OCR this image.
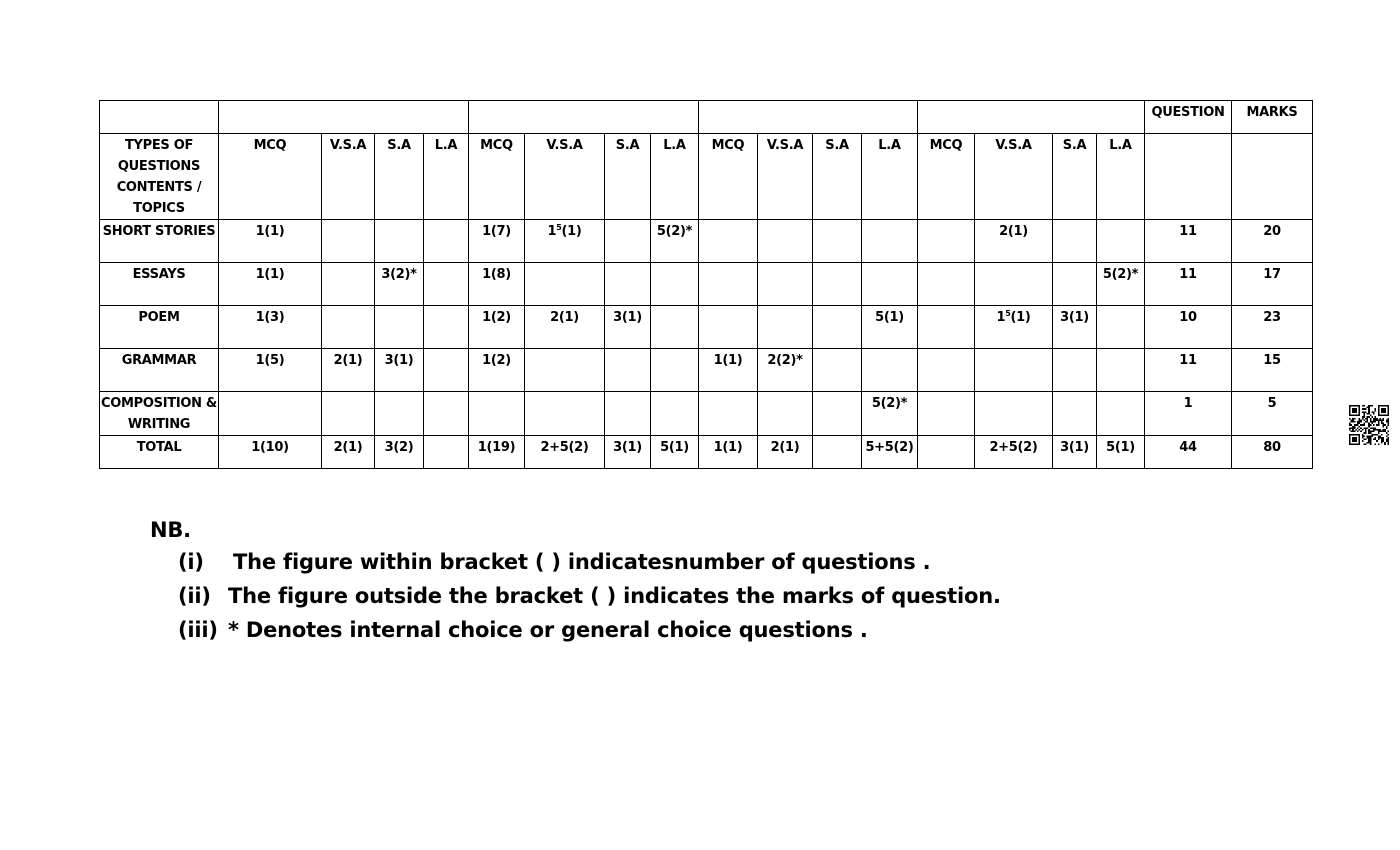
																	QUESTION	MARKS
TYPES OF QUESTIONS CONTENTS / TOPICS	MCQ	V.S.A	S.A	L.A	MCQ	V.S.A	S.A	L.A	MCQ	V.S.A	S.A	L.A	MCQ	V.S.A	S.A	L.A		
SHORT STORIES	1(1)				1(7)	$1^5(1)$		5(2)*						2(1)			11	20
ESSAYS	1(1)		3(2)*		1(8)											5(2)*	11	17
POEM	1(3)				1(2)	2(1)	3(1)					5(1)		$1^5(1)$	3(1)		10	23
GRAMMAR	1(5)	2(1)	3(1)		1(2)				1(1)	2(2)*							11	15
COMPOSITION & WRITING												5(2)*					1	5
TOTAL	1(10)	2(1)	3(2)		1(19)	2+5(2)	3(1)	5(1)	1(1)	2(1)		5+5(2)		2+5(2)	3(1)	5(1)	44	80
NB.
(i) The figure within bracket ( ) indicatesnumber of questions .
(ii) The figure outside the bracket ( ) indicates the marks of question.
(iii) * Denotes internal choice or general choice questions .
